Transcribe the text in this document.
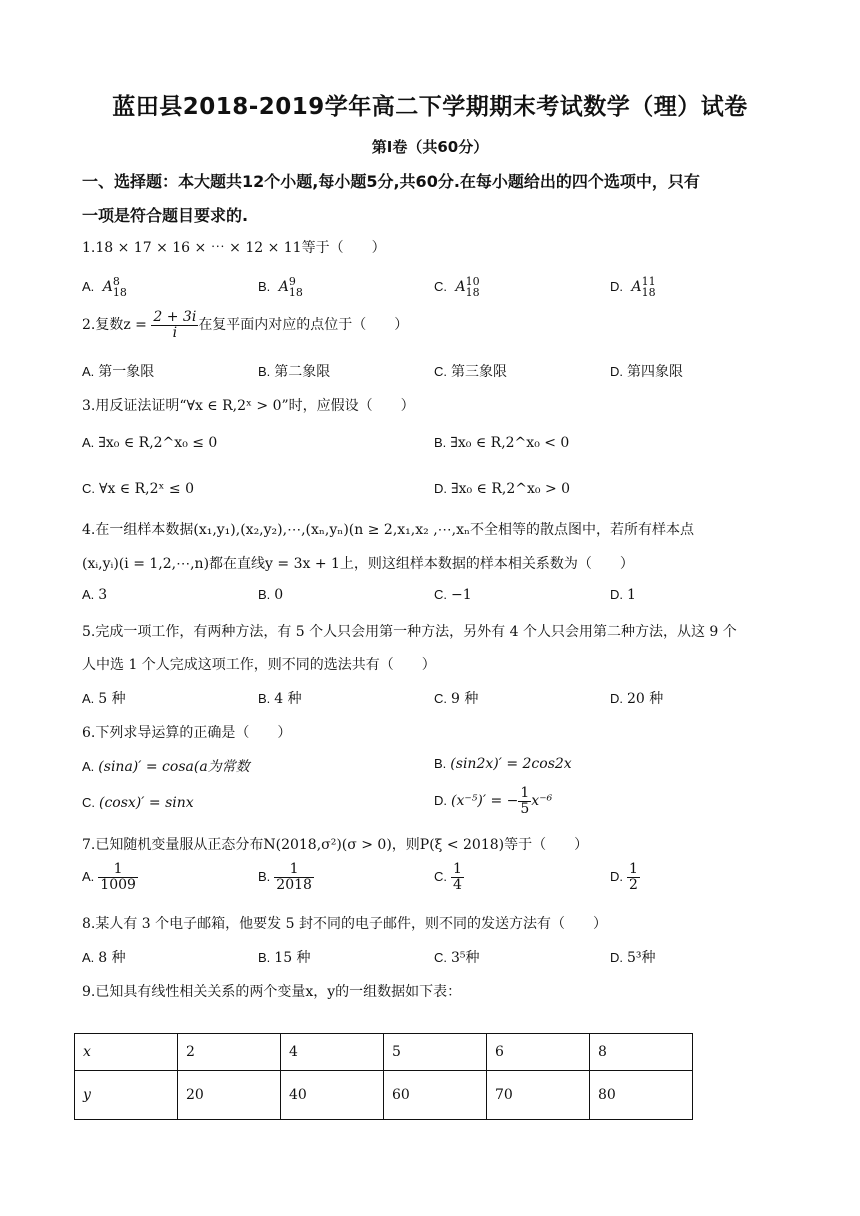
蓝田县2018-2019学年高二下学期期末考试数学（理）试卷
第Ⅰ卷（共60分）
一、选择题：本大题共12个小题,每小题5分,共60分.在每小题给出的四个选项中，只有
一项是符合题目要求的.
1.18 × 17 × 16 × ⋯ × 12 × 11等于（　　）
A. A 8
18	B. A 9
18	C. A 10
18	D. A 11
18
2.复数$z = \frac{2 + 3i}{i}$ 在复平面内对应的点位于（　　）
A. 第一象限	B. 第二象限	C. 第三象限	D. 第四象限
3.用反证法证明“∀x ∈ R,2ˣ > 0”时，应假设（　　）
A. ∃x₀ ∈ R,2^x₀ ≤ 0	B. ∃x₀ ∈ R,2^x₀ < 0
C. ∀x ∈ R,2ˣ ≤ 0	D. ∃x₀ ∈ R,2^x₀ > 0
4.在一组样本数据(x₁,y₁),(x₂,y₂),⋯,(xₙ,yₙ)(n ≥ 2,x₁,x₂ ,⋯,xₙ不全相等的散点图中，若所有样本点
(xᵢ,yᵢ)(i = 1,2,⋯,n)都在直线y = 3x + 1上，则这组样本数据的样本相关系数为（　　）
A. 3	B. 0	C. −1	D. 1
5.完成一项工作，有两种方法，有 5 个人只会用第一种方法，另外有 4 个人只会用第二种方法，从这 9 个
人中选 1 个人完成这项工作，则不同的选法共有（　　）
A. 5 种	B. 4 种	C. 9 种	D. 20 种
6.下列求导运算的正确是（　　）
A. (sina)′ = cosa(a为常数	B. (sin2x)′ = 2cos2x
C. (cosx)′ = sinx	D. (x⁻⁵)′ = − $\frac{1}{5} x^{-6}$
7.已知随机变量服从正态分布N(2018,σ²)(σ > 0)，则P(ξ < 2018)等于（　　）
A. $\frac{1}{1009}$	B. $\frac{1}{2018}$	C. $\frac{1}{4}$	D. $\frac{1}{2}$
8.某人有 3 个电子邮箱，他要发 5 封不同的电子邮件，则不同的发送方法有（　　）
A. 8 种	B. 15 种	C. 3⁵种	D. 5³种
9.已知具有线性相关关系的两个变量x，y的一组数据如下表：
x	2	4	5	6	8
y	20	40	60	70	80
